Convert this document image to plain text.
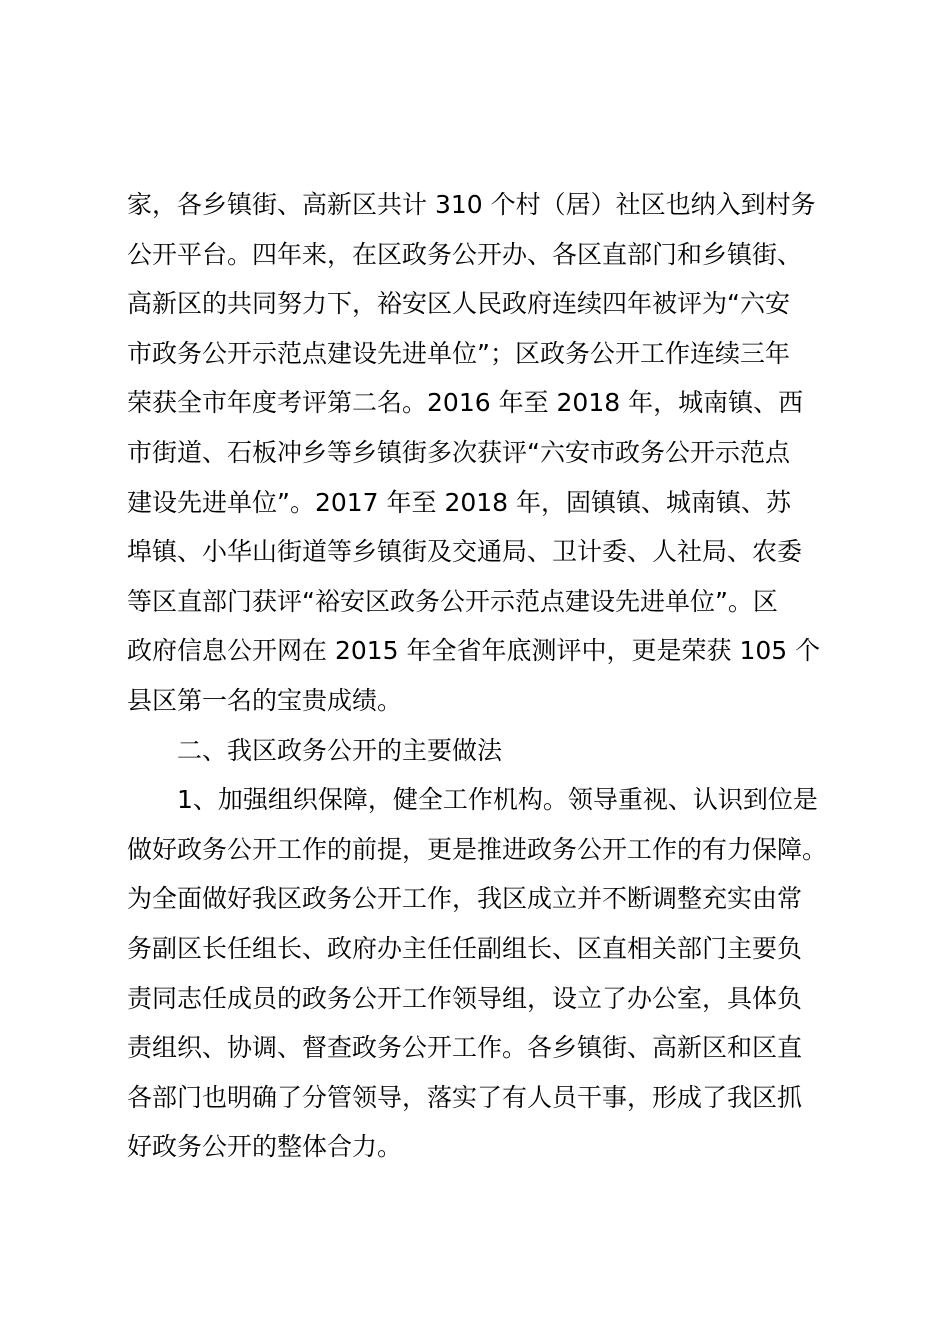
家，各乡镇街、高新区共计 310 个村（居）社区也纳入到村务
公开平台。四年来，在区政务公开办、各区直部门和乡镇街、
高新区的共同努力下，裕安区人民政府连续四年被评为“六安
市政务公开示范点建设先进单位”；区政务公开工作连续三年
荣获全市年度考评第二名。2016 年至 2018 年，城南镇、西
市街道、石板冲乡等乡镇街多次获评“六安市政务公开示范点
建设先进单位”。2017 年至 2018 年，固镇镇、城南镇、苏
埠镇、小华山街道等乡镇街及交通局、卫计委、人社局、农委
等区直部门获评“裕安区政务公开示范点建设先进单位”。区
政府信息公开网在 2015 年全省年底测评中，更是荣获 105 个
县区第一名的宝贵成绩。
二、我区政务公开的主要做法
1、加强组织保障，健全工作机构。领导重视、认识到位是
做好政务公开工作的前提，更是推进政务公开工作的有力保障。
为全面做好我区政务公开工作，我区成立并不断调整充实由常
务副区长任组长、政府办主任任副组长、区直相关部门主要负
责同志任成员的政务公开工作领导组，设立了办公室，具体负
责组织、协调、督查政务公开工作。各乡镇街、高新区和区直
各部门也明确了分管领导，落实了有人员干事，形成了我区抓
好政务公开的整体合力。
